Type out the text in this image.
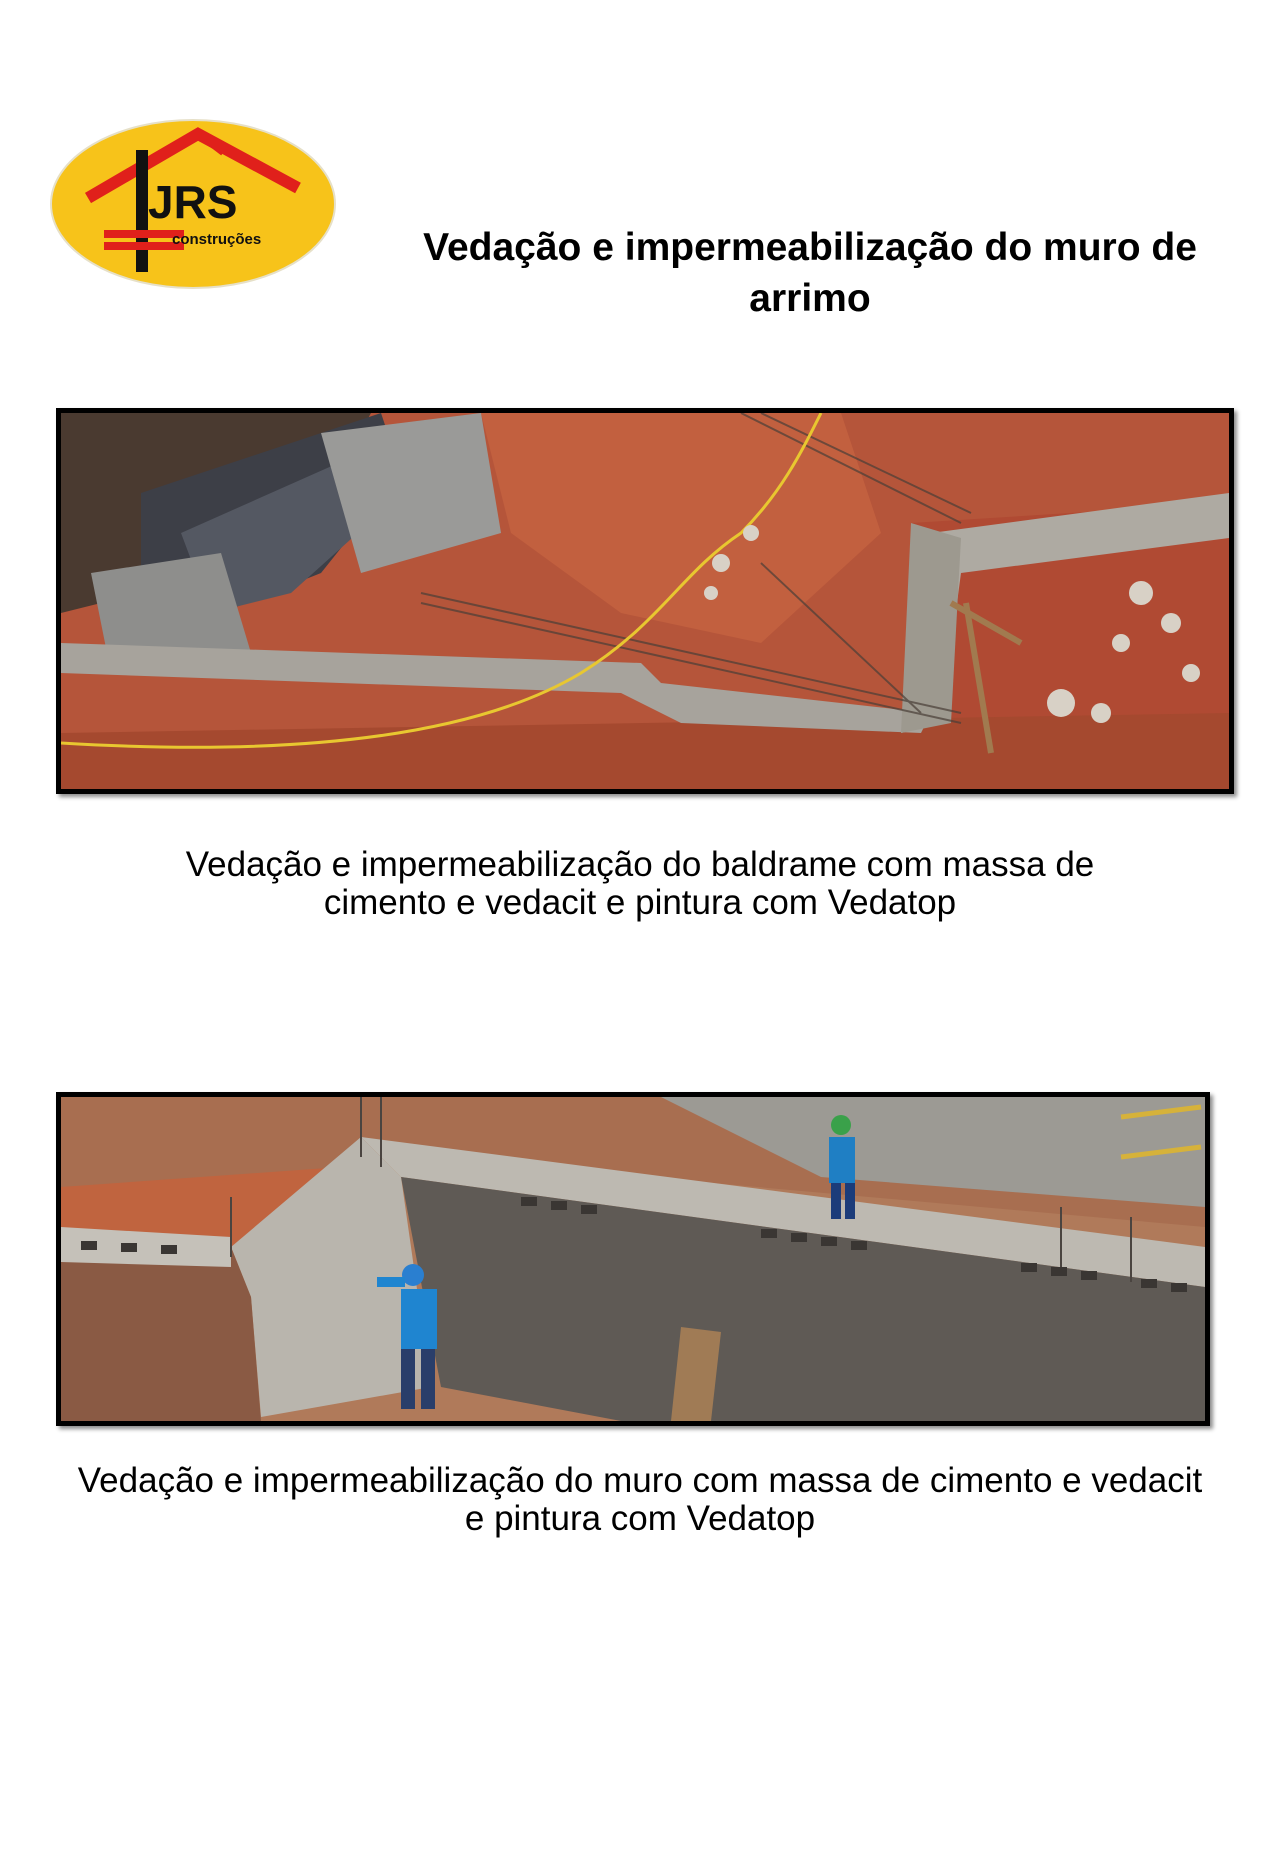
JRS
construções	Vedação e impermeabilização do muro de arrimo

Vedação e impermeabilização do baldrame com massa de cimento e vedacit e pintura com Vedatop

Vedação e impermeabilização do muro com massa de cimento e vedacit e pintura com Vedatop
